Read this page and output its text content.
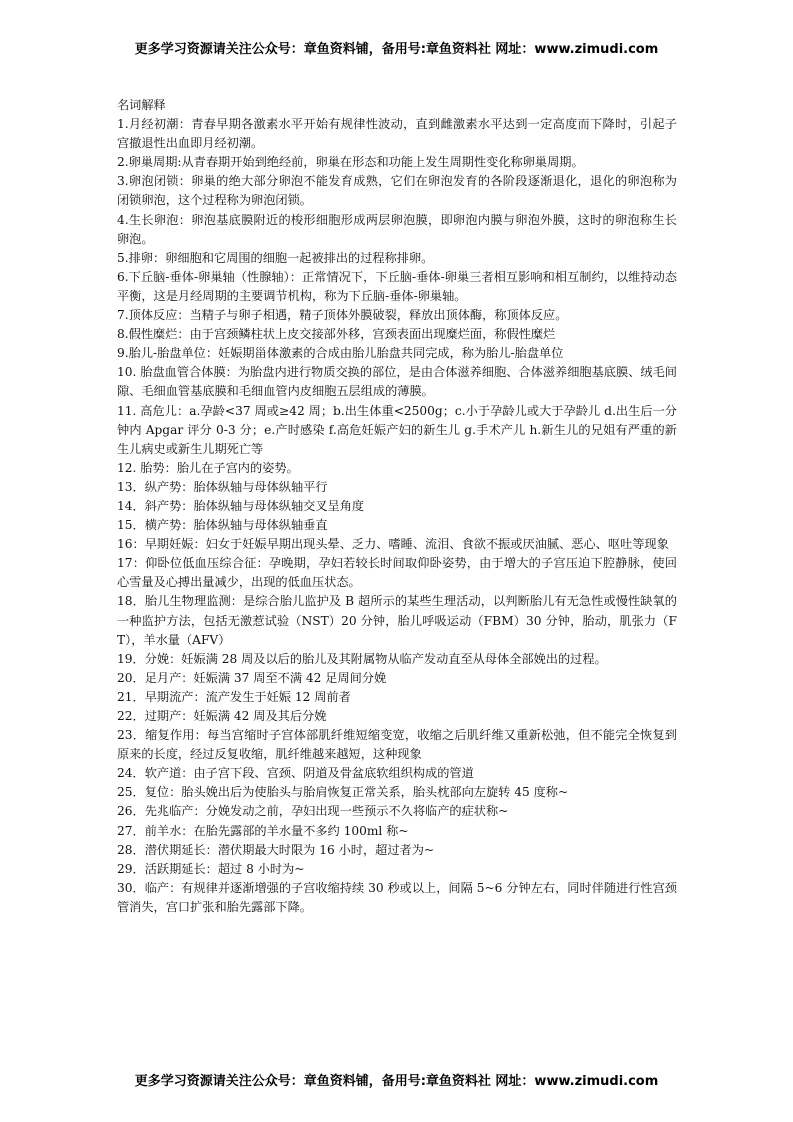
更多学习资源请关注公众号：章鱼资料铺，备用号:章鱼资料社 网址：www.zimudi.com

名词解释

1.月经初潮：青春早期各激素水平开始有规律性波动，直到雌激素水平达到一定高度而下降时，引起子宫撤退性出血即月经初潮。

2.卵巢周期:从青春期开始到绝经前，卵巢在形态和功能上发生周期性变化称卵巢周期。

3.卵泡闭锁：卵巢的绝大部分卵泡不能发育成熟，它们在卵泡发育的各阶段逐渐退化，退化的卵泡称为闭锁卵泡，这个过程称为卵泡闭锁。

4.生长卵泡：卵泡基底膜附近的梭形细胞形成两层卵泡膜，即卵泡内膜与卵泡外膜，这时的卵泡称生长卵泡。

5.排卵：卵细胞和它周围的细胞一起被排出的过程称排卵。

6.下丘脑-垂体-卵巢轴（性腺轴）：正常情况下，下丘脑-垂体-卵巢三者相互影响和相互制约，以维持动态平衡，这是月经周期的主要调节机构，称为下丘脑-垂体-卵巢轴。

7.顶体反应：当精子与卵子相遇，精子顶体外膜破裂，释放出顶体酶，称顶体反应。

8.假性糜烂：由于宫颈鳞柱状上皮交接部外移，宫颈表面出现糜烂面，称假性糜烂

9.胎儿-胎盘单位：妊娠期甾体激素的合成由胎儿胎盘共同完成，称为胎儿-胎盘单位

10. 胎盘血管合体膜：为胎盘内进行物质交换的部位，是由合体滋养细胞、合体滋养细胞基底膜、绒毛间隙、毛细血管基底膜和毛细血管内皮细胞五层组成的薄膜。

11. 高危儿：a.孕龄<37 周或≥42 周；b.出生体重<2500g；c.小于孕龄儿或大于孕龄儿 d.出生后一分钟内 Apgar 评分 0-3 分；e.产时感染 f.高危妊娠产妇的新生儿 g.手术产儿 h.新生儿的兄姐有严重的新生儿病史或新生儿期死亡等

12. 胎势：胎儿在子宫内的姿势。

13．纵产势：胎体纵轴与母体纵轴平行

14．斜产势：胎体纵轴与母体纵轴交叉呈角度

15．横产势：胎体纵轴与母体纵轴垂直

16：早期妊娠：妇女于妊娠早期出现头晕、乏力、嗜睡、流泪、食欲不振或厌油腻、恶心、呕吐等现象

17：仰卧位低血压综合征：孕晚期，孕妇若较长时间取仰卧姿势，由于增大的子宫压迫下腔静脉，使回心雪量及心搏出量减少，出现的低血压状态。

18．胎儿生物理监测：是综合胎儿监护及 B 超所示的某些生理活动，以判断胎儿有无急性或慢性缺氧的一种监护方法，包括无激惹试验（NST）20 分钟，胎儿呼吸运动（FBM）30 分钟，胎动，肌张力（FT），羊水量（AFV）

19．分娩：妊娠满 28 周及以后的胎儿及其附属物从临产发动直至从母体全部娩出的过程。

20．足月产：妊娠满 37 周至不满 42 足周间分娩

21．早期流产：流产发生于妊娠 12 周前者

22．过期产：妊娠满 42 周及其后分娩

23．缩复作用：每当宫缩时子宫体部肌纤维短缩变宽，收缩之后肌纤维又重新松弛，但不能完全恢复到原来的长度，经过反复收缩，肌纤维越来越短，这种现象

24．软产道：由子宫下段、宫颈、阴道及骨盆底软组织构成的管道

25．复位：胎头娩出后为使胎头与胎肩恢复正常关系，胎头枕部向左旋转 45 度称~

26．先兆临产：分娩发动之前，孕妇出现一些预示不久将临产的症状称~

27．前羊水：在胎先露部的羊水量不多约 100ml 称~

28．潜伏期延长：潜伏期最大时限为 16 小时，超过者为~

29．活跃期延长：超过 8 小时为~

30．临产：有规律并逐渐增强的子宫收缩持续 30 秒或以上，间隔 5~6 分钟左右，同时伴随进行性宫颈管消失，宫口扩张和胎先露部下降。

更多学习资源请关注公众号：章鱼资料铺，备用号:章鱼资料社 网址：www.zimudi.com
